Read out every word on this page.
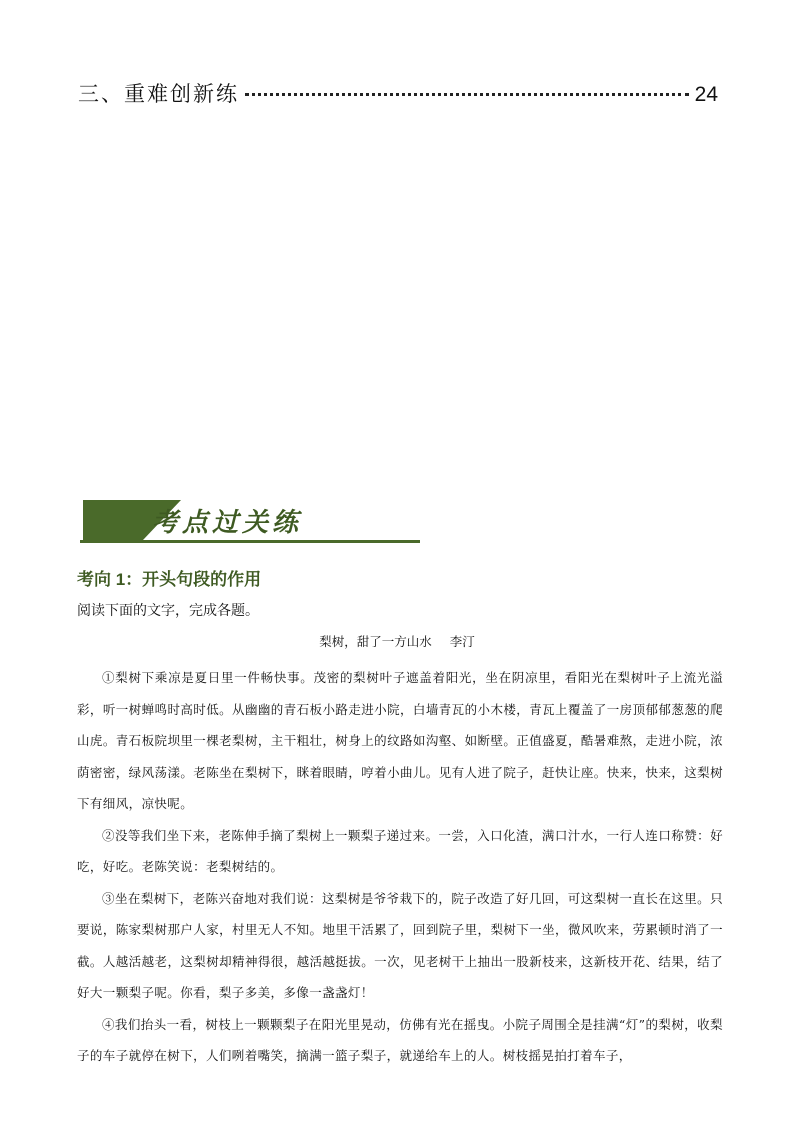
三、重难创新练	24
考点过关练
考向 1：开头句段的作用
阅读下面的文字，完成各题。
梨树，甜了一方山水 李汀

①梨树下乘凉是夏日里一件畅快事。茂密的梨树叶子遮盖着阳光，坐在阴凉里，看阳光在梨树叶子上流光溢彩，听一树蝉鸣时高时低。从幽幽的青石板小路走进小院，白墙青瓦的小木楼，青瓦上覆盖了一房顶郁郁葱葱的爬山虎。青石板院坝里一棵老梨树，主干粗壮，树身上的纹路如沟壑、如断壁。正值盛夏，酷暑难熬，走进小院，浓荫密密，绿风荡漾。老陈坐在梨树下，眯着眼睛，哼着小曲儿。见有人进了院子，赶快让座。快来，快来，这梨树下有细风，凉快呢。

②没等我们坐下来，老陈伸手摘了梨树上一颗梨子递过来。一尝，入口化渣，满口汁水，一行人连口称赞：好吃，好吃。老陈笑说：老梨树结的。

③坐在梨树下，老陈兴奋地对我们说：这梨树是爷爷栽下的，院子改造了好几回，可这梨树一直长在这里。只要说，陈家梨树那户人家，村里无人不知。地里干活累了，回到院子里，梨树下一坐，微风吹来，劳累顿时消了一截。人越活越老，这梨树却精神得很，越活越挺拔。一次，见老树干上抽出一股新枝来，这新枝开花、结果，结了好大一颗梨子呢。你看，梨子多美，多像一盏盏灯！

④我们抬头一看，树枝上一颗颗梨子在阳光里晃动，仿佛有光在摇曳。小院子周围全是挂满“灯”的梨树，收梨子的车子就停在树下，人们咧着嘴笑，摘满一篮子梨子，就递给车上的人。树枝摇晃拍打着车子，
